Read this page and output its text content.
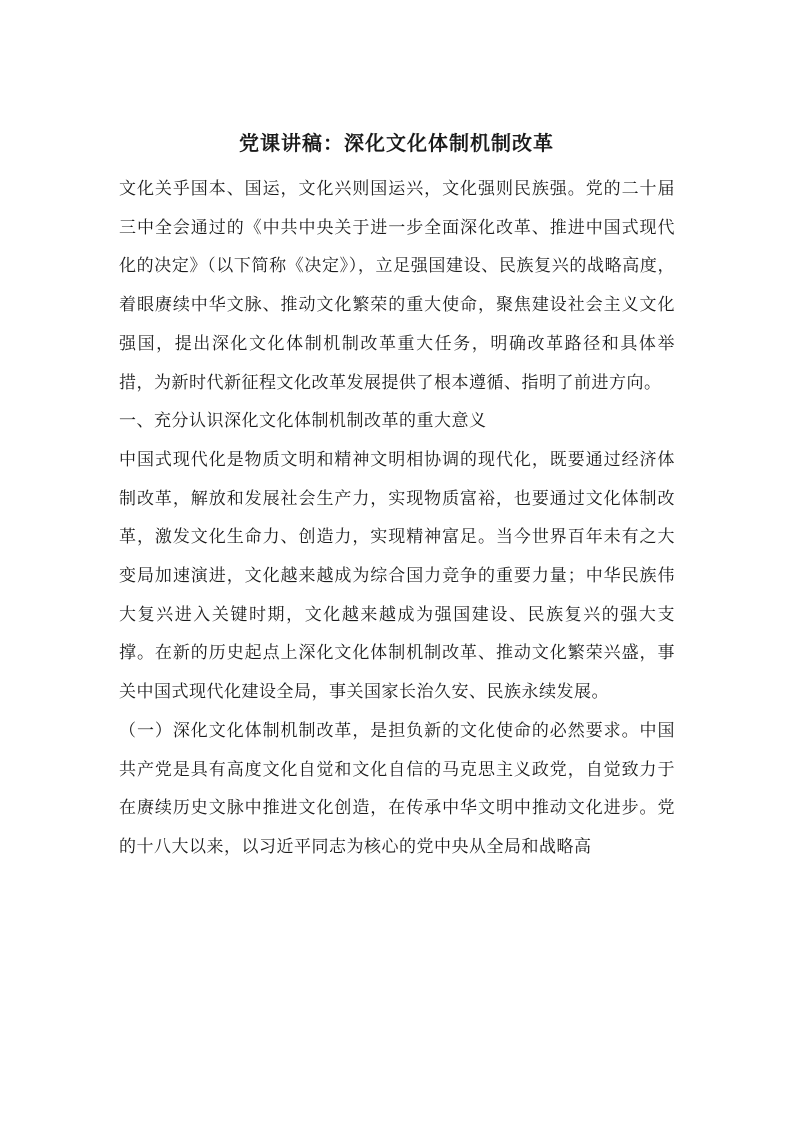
党课讲稿：深化文化体制机制改革

文化关乎国本、国运，文化兴则国运兴，文化强则民族强。党的二十届三中全会通过的《中共中央关于进一步全面深化改革、推进中国式现代化的决定》（以下简称《决定》），立足强国建设、民族复兴的战略高度，着眼赓续中华文脉、推动文化繁荣的重大使命，聚焦建设社会主义文化强国，提出深化文化体制机制改革重大任务，明确改革路径和具体举措，为新时代新征程文化改革发展提供了根本遵循、指明了前进方向。

一、充分认识深化文化体制机制改革的重大意义

中国式现代化是物质文明和精神文明相协调的现代化，既要通过经济体制改革，解放和发展社会生产力，实现物质富裕，也要通过文化体制改革，激发文化生命力、创造力，实现精神富足。当今世界百年未有之大变局加速演进，文化越来越成为综合国力竞争的重要力量；中华民族伟大复兴进入关键时期，文化越来越成为强国建设、民族复兴的强大支撑。在新的历史起点上深化文化体制机制改革、推动文化繁荣兴盛，事关中国式现代化建设全局，事关国家长治久安、民族永续发展。

（一）深化文化体制机制改革，是担负新的文化使命的必然要求。中国共产党是具有高度文化自觉和文化自信的马克思主义政党，自觉致力于在赓续历史文脉中推进文化创造，在传承中华文明中推动文化进步。党的十八大以来，以习近平同志为核心的党中央从全局和战略高
